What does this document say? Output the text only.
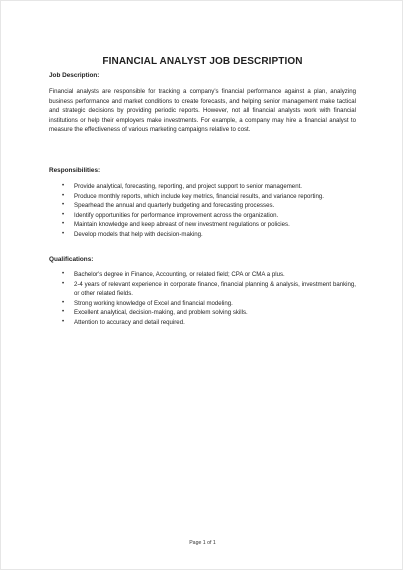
FINANCIAL ANALYST JOB DESCRIPTION
Job Description:
Financial analysts are responsible for tracking a company's financial performance against a plan, analyzing business performance and market conditions to create forecasts, and helping senior management make tactical and strategic decisions by providing periodic reports. However, not all financial analysts work with financial institutions or help their employers make investments. For example, a company may hire a financial analyst to measure the effectiveness of various marketing campaigns relative to cost.
Responsibilities:
• Provide analytical, forecasting, reporting, and project support to senior management.
• Produce monthly reports, which include key metrics, financial results, and variance reporting.
• Spearhead the annual and quarterly budgeting and forecasting processes.
• Identify opportunities for performance improvement across the organization.
• Maintain knowledge and keep abreast of new investment regulations or policies.
• Develop models that help with decision-making.
Qualifications:
• Bachelor's degree in Finance, Accounting, or related field; CPA or CMA a plus.
• 2-4 years of relevant experience in corporate finance, financial planning & analysis, investment banking, or other related fields.
• Strong working knowledge of Excel and financial modeling.
• Excellent analytical, decision-making, and problem solving skills.
• Attention to accuracy and detail required.
Page 1 of 1
